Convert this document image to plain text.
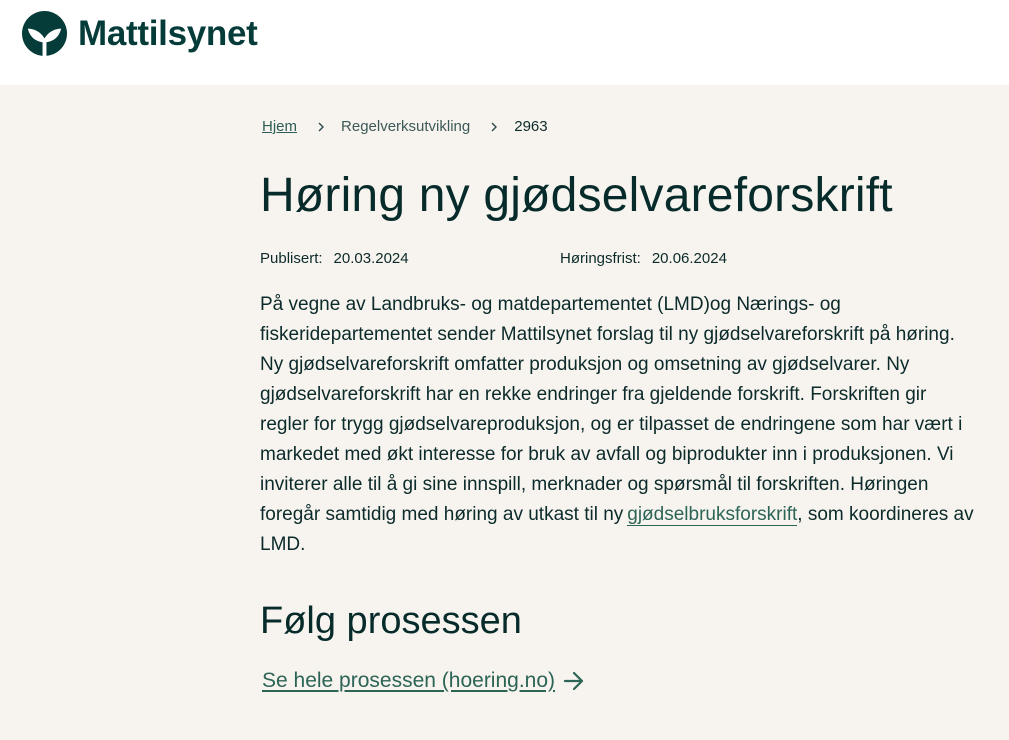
Mattilsynet
Hjem	Regelverksutvikling	2963
Høring ny gjødselvareforskrift
Publisert: 20.03.2024	Høringsfrist: 20.06.2024

På vegne av Landbruks- og matdepartementet (LMD)og Nærings- og fiskeridepartementet sender Mattilsynet forslag til ny gjødselvareforskrift på høring. Ny gjødselvareforskrift omfatter produksjon og omsetning av gjødselvarer. Ny gjødselvareforskrift har en rekke endringer fra gjeldende forskrift. Forskriften gir regler for trygg gjødselvareproduksjon, og er tilpasset de endringene som har vært i markedet med økt interesse for bruk av avfall og biprodukter inn i produksjonen. Vi inviterer alle til å gi sine innspill, merknader og spørsmål til forskriften. Høringen foregår samtidig med høring av utkast til ny gjødselbruksforskrift, som koordineres av LMD.

Følg prosessen
Se hele prosessen (hoering.no)
